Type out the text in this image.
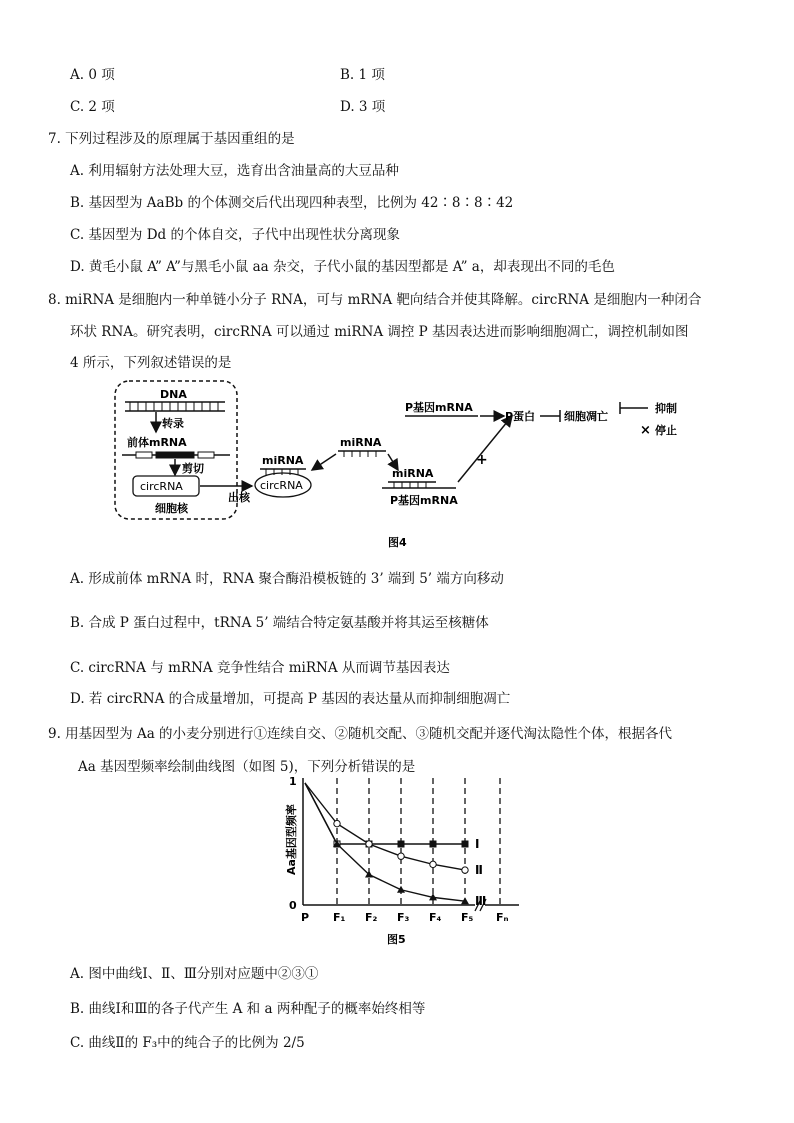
A. 0 项	B. 1 项
C. 2 项	D. 3 项
7. 下列过程涉及的原理属于基因重组的是
A. 利用辐射方法处理大豆，选育出含油量高的大豆品种
B. 基因型为 AaBb 的个体测交后代出现四种表型，比例为 42∶8∶8∶42
C. 基因型为 Dd 的个体自交，子代中出现性状分离现象
D. 黄毛小鼠 A” A”与黑毛小鼠 aa 杂交，子代小鼠的基因型都是 A” a，却表现出不同的毛色
8. miRNA 是细胞内一种单链小分子 RNA，可与 mRNA 靶向结合并使其降解。circRNA 是细胞内一种闭合
环状 RNA。研究表明，circRNA 可以通过 miRNA 调控 P 基因表达进而影响细胞凋亡，调控机制如图
4 所示，下列叙述错误的是
DNA
转录
前体mRNA
剪切
circRNA
细胞核
出核
miRNA
circRNA
miRNA
miRNA
P基因mRNA
+
P基因mRNA
P蛋白	细胞凋亡
抑制
× 停止
图4
A. 形成前体 mRNA 时，RNA 聚合酶沿模板链的 3’ 端到 5’ 端方向移动
B. 合成 P 蛋白过程中，tRNA 5’ 端结合特定氨基酸并将其运至核糖体
C. circRNA 与 mRNA 竞争性结合 miRNA 从而调节基因表达
D. 若 circRNA 的合成量增加，可提高 P 基因的表达量从而抑制细胞凋亡
9. 用基因型为 Aa 的小麦分别进行①连续自交、②随机交配、③随机交配并逐代淘汰隐性个体，根据各代
Aa 基因型频率绘制曲线图（如图 5)，下列分析错误的是
1
0
Aa基因型频率
P F₁ F₂ F₃ F₄ F₅ Fₙ
Ⅰ
Ⅱ
Ⅲ
图5
A. 图中曲线Ⅰ、Ⅱ、Ⅲ分别对应题中②③①
B. 曲线Ⅰ和Ⅲ的各子代产生 A 和 a 两种配子的概率始终相等
C. 曲线Ⅱ的 F₃中的纯合子的比例为 2/5
